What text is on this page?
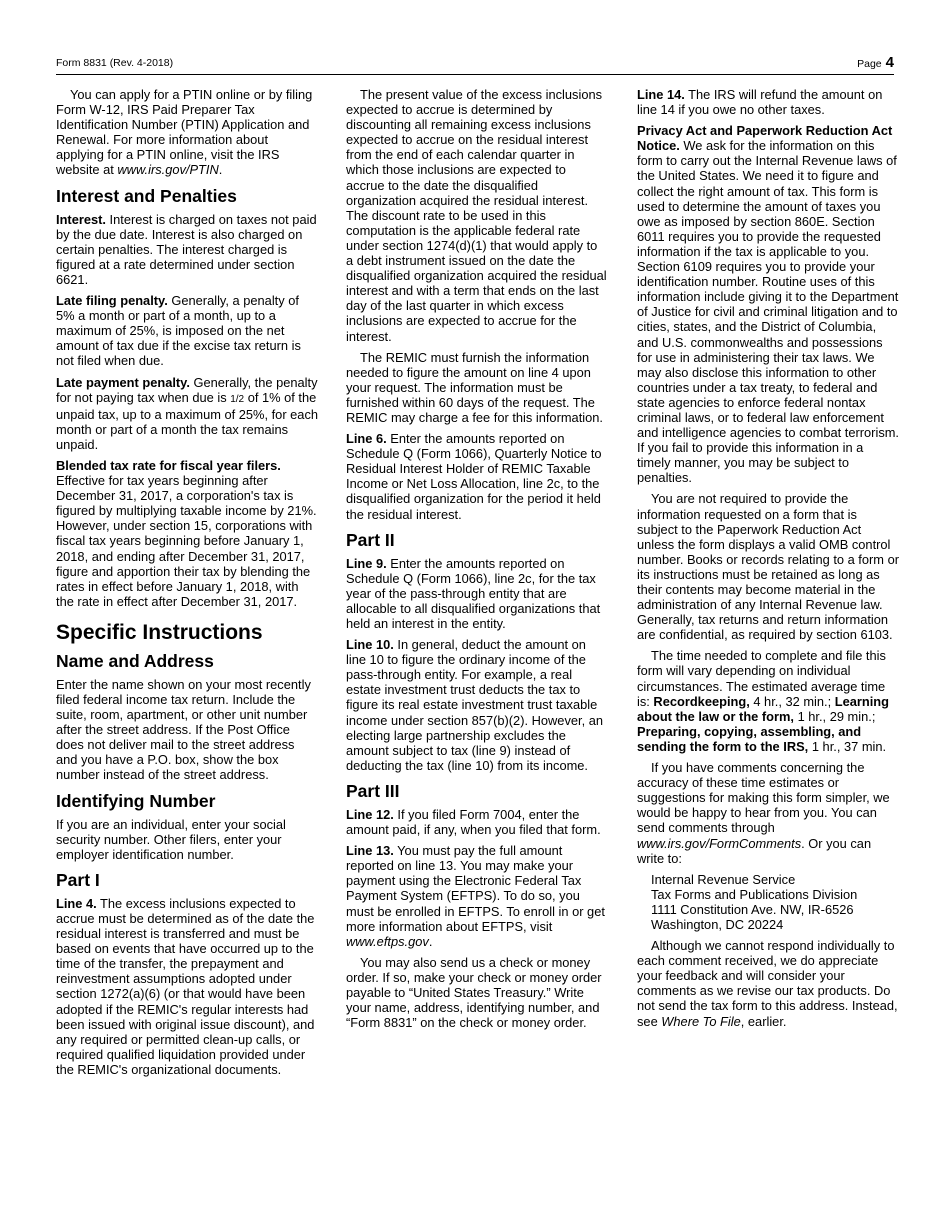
Form 8831 (Rev. 4-2018)	Page 4

You can apply for a PTIN online or by filing Form W-12, IRS Paid Preparer Tax Identification Number (PTIN) Application and Renewal. For more information about applying for a PTIN online, visit the IRS website at www.irs.gov/PTIN.

Interest and Penalties

Interest. Interest is charged on taxes not paid by the due date. Interest is also charged on certain penalties. The interest charged is figured at a rate determined under section 6621.

Late filing penalty. Generally, a penalty of 5% a month or part of a month, up to a maximum of 25%, is imposed on the net amount of tax due if the excise tax return is not filed when due.

Late payment penalty. Generally, the penalty for not paying tax when due is 1/2 of 1% of the unpaid tax, up to a maximum of 25%, for each month or part of a month the tax remains unpaid.

Blended tax rate for fiscal year filers. Effective for tax years beginning after December 31, 2017, a corporation's tax is figured by multiplying taxable income by 21%. However, under section 15, corporations with fiscal tax years beginning before January 1, 2018, and ending after December 31, 2017, figure and apportion their tax by blending the rates in effect before January 1, 2018, with the rate in effect after December 31, 2017.

Specific Instructions
Name and Address

Enter the name shown on your most recently filed federal income tax return. Include the suite, room, apartment, or other unit number after the street address. If the Post Office does not deliver mail to the street address and you have a P.O. box, show the box number instead of the street address.

Identifying Number

If you are an individual, enter your social security number. Other filers, enter your employer identification number.

Part I

Line 4. The excess inclusions expected to accrue must be determined as of the date the residual interest is transferred and must be based on events that have occurred up to the time of the transfer, the prepayment and reinvestment assumptions adopted under section 1272(a)(6) (or that would have been adopted if the REMIC's regular interests had been issued with original issue discount), and any required or permitted clean-up calls, or required qualified liquidation provided under the REMIC's organizational documents.

The present value of the excess inclusions expected to accrue is determined by discounting all remaining excess inclusions expected to accrue on the residual interest from the end of each calendar quarter in which those inclusions are expected to accrue to the date the disqualified organization acquired the residual interest. The discount rate to be used in this computation is the applicable federal rate under section 1274(d)(1) that would apply to a debt instrument issued on the date the disqualified organization acquired the residual interest and with a term that ends on the last day of the last quarter in which excess inclusions are expected to accrue for the interest.

The REMIC must furnish the information needed to figure the amount on line 4 upon your request. The information must be furnished within 60 days of the request. The REMIC may charge a fee for this information.

Line 6. Enter the amounts reported on Schedule Q (Form 1066), Quarterly Notice to Residual Interest Holder of REMIC Taxable Income or Net Loss Allocation, line 2c, to the disqualified organization for the period it held the residual interest.

Part II

Line 9. Enter the amounts reported on Schedule Q (Form 1066), line 2c, for the tax year of the pass-through entity that are allocable to all disqualified organizations that held an interest in the entity.

Line 10. In general, deduct the amount on line 10 to figure the ordinary income of the pass-through entity. For example, a real estate investment trust deducts the tax to figure its real estate investment trust taxable income under section 857(b)(2). However, an electing large partnership excludes the amount subject to tax (line 9) instead of deducting the tax (line 10) from its income.

Part III

Line 12. If you filed Form 7004, enter the amount paid, if any, when you filed that form.

Line 13. You must pay the full amount reported on line 13. You may make your payment using the Electronic Federal Tax Payment System (EFTPS). To do so, you must be enrolled in EFTPS. To enroll in or get more information about EFTPS, visit www.eftps.gov.

You may also send us a check or money order. If so, make your check or money order payable to “United States Treasury.” Write your name, address, identifying number, and “Form 8831” on the check or money order.

Line 14. The IRS will refund the amount on line 14 if you owe no other taxes.

Privacy Act and Paperwork Reduction Act Notice. We ask for the information on this form to carry out the Internal Revenue laws of the United States. We need it to figure and collect the right amount of tax. This form is used to determine the amount of taxes you owe as imposed by section 860E. Section 6011 requires you to provide the requested information if the tax is applicable to you. Section 6109 requires you to provide your identification number. Routine uses of this information include giving it to the Department of Justice for civil and criminal litigation and to cities, states, and the District of Columbia, and U.S. commonwealths and possessions for use in administering their tax laws. We may also disclose this information to other countries under a tax treaty, to federal and state agencies to enforce federal nontax criminal laws, or to federal law enforcement and intelligence agencies to combat terrorism. If you fail to provide this information in a timely manner, you may be subject to penalties.

You are not required to provide the information requested on a form that is subject to the Paperwork Reduction Act unless the form displays a valid OMB control number. Books or records relating to a form or its instructions must be retained as long as their contents may become material in the administration of any Internal Revenue law. Generally, tax returns and return information are confidential, as required by section 6103.

The time needed to complete and file this form will vary depending on individual circumstances. The estimated average time is: Recordkeeping, 4 hr., 32 min.; Learning about the law or the form, 1 hr., 29 min.; Preparing, copying, assembling, and sending the form to the IRS, 1 hr., 37 min.

If you have comments concerning the accuracy of these time estimates or suggestions for making this form simpler, we would be happy to hear from you. You can send comments through www.irs.gov/FormComments. Or you can write to:

Internal Revenue Service
Tax Forms and Publications Division
1111 Constitution Ave. NW, IR-6526
Washington, DC 20224

Although we cannot respond individually to each comment received, we do appreciate your feedback and will consider your comments as we revise our tax products. Do not send the tax form to this address. Instead, see Where To File, earlier.
